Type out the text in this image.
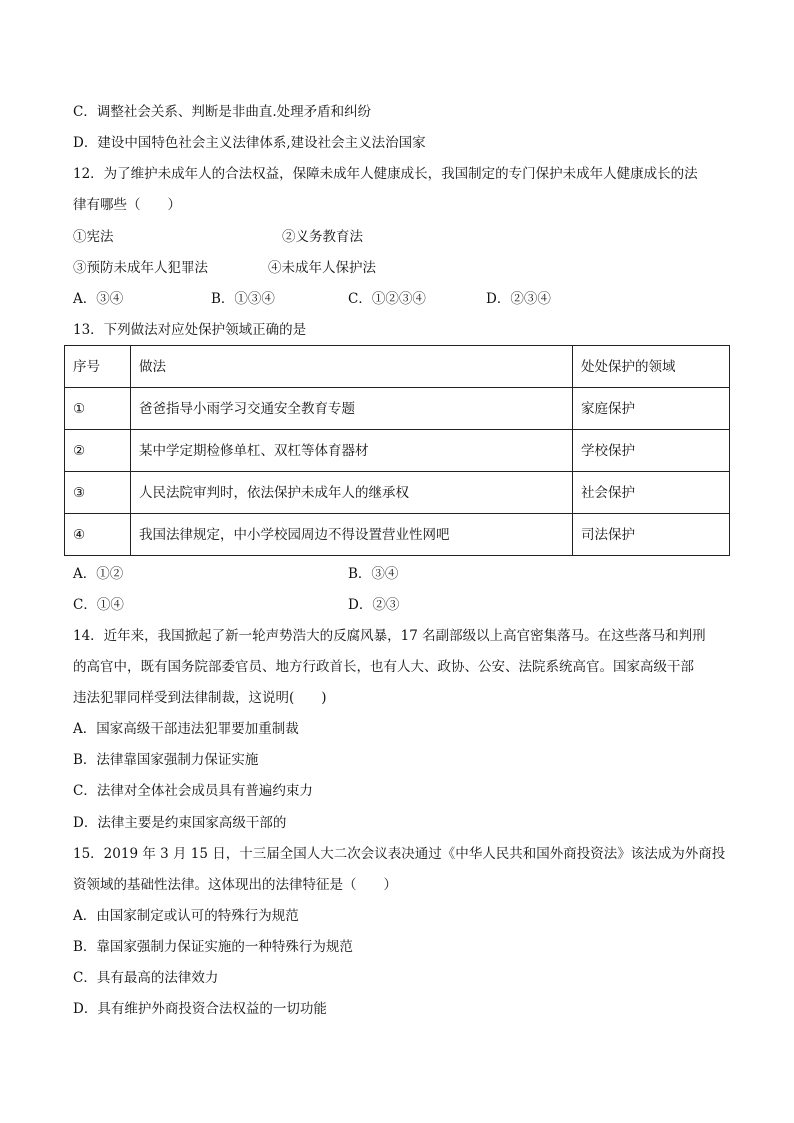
C．调整社会关系、判断是非曲直.处理矛盾和纠纷
D．建设中国特色社会主义法律体系,建设社会主义法治国家
12．为了维护未成年人的合法权益，保障未成年人健康成长，我国制定的专门保护未成年人健康成长的法
律有哪些（　　）
①宪法	②义务教育法
③预防未成年人犯罪法	④未成年人保护法
A．③④	B．①③④	C．①②③④	D．②③④
13．下列做法对应处保护领域正确的是
序号	做法	处处保护的领域
①	爸爸指导小雨学习交通安全教育专题	家庭保护
②	某中学定期检修单杠、双杠等体育器材	学校保护
③	人民法院审判时，依法保护未成年人的继承权	社会保护
④	我国法律规定，中小学校园周边不得设置营业性网吧	司法保护
A．①②	B．③④
C．①④	D．②③
14．近年来，我国掀起了新一轮声势浩大的反腐风暴，17 名副部级以上高官密集落马。在这些落马和判刑
的高官中，既有国务院部委官员、地方行政首长，也有人大、政协、公安、法院系统高官。国家高级干部
违法犯罪同样受到法律制裁，这说明(　　)
A．国家高级干部违法犯罪要加重制裁
B．法律靠国家强制力保证实施
C．法律对全体社会成员具有普遍约束力
D．法律主要是约束国家高级干部的
15．2019 年 3 月 15 日，十三届全国人大二次会议表决通过《中华人民共和国外商投资法》该法成为外商投
资领域的基础性法律。这体现出的法律特征是（　　）
A．由国家制定或认可的特殊行为规范
B．靠国家强制力保证实施的一种特殊行为规范
C．具有最高的法律效力
D．具有维护外商投资合法权益的一切功能
